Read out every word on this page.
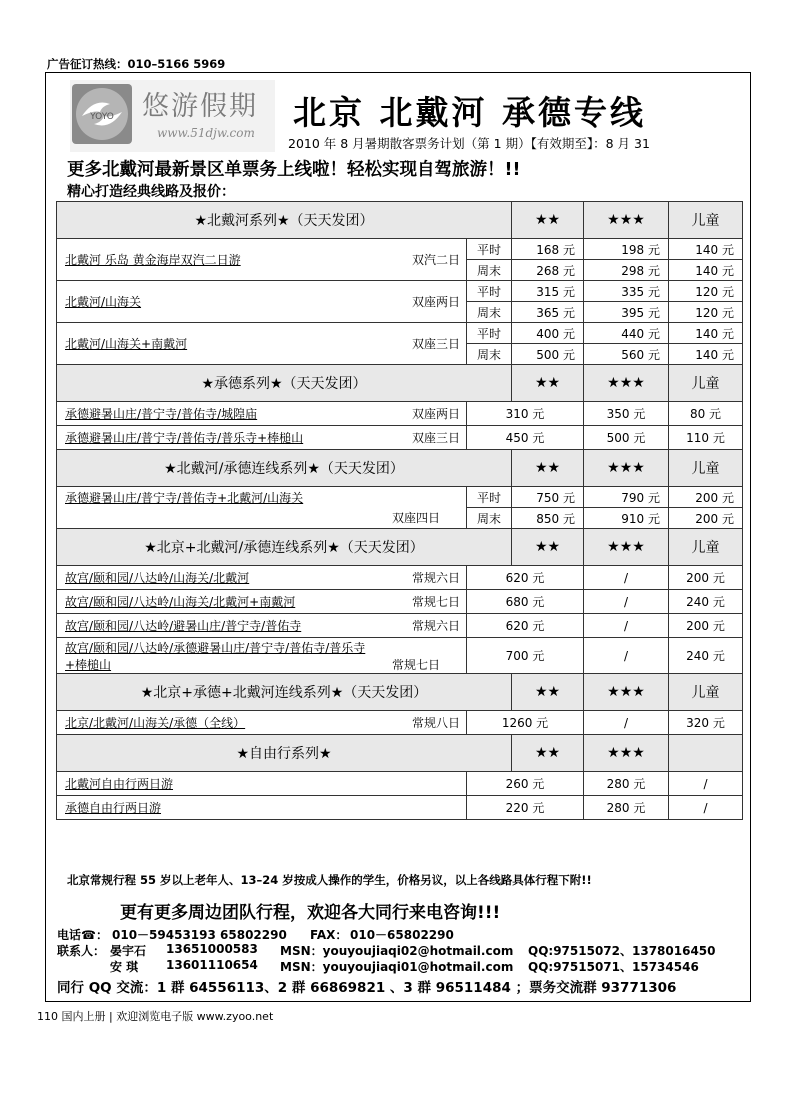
广告征订热线：010–5166 5969
YOYO 悠游假期
www.51djw.com
北京 北戴河 承德专线
2010 年 8 月暑期散客票务计划（第 1 期）【有效期至】：8 月 31
更多北戴河最新景区单票务上线啦！轻松实现自驾旅游！!!
精心打造经典线路及报价：
★北戴河系列★（天天发团）		★★	★★★	儿童

北戴河 乐岛 黄金海岸双汽二日游 双汽二日	平时	168 元	198 元	140 元
	周末	268 元	298 元	140 元

北戴河/山海关 双座两日	平时	315 元	335 元	120 元
	周末	365 元	395 元	120 元

北戴河/山海关+南戴河 双座三日	平时	400 元	440 元	140 元
	周末	500 元	560 元	140 元
★承德系列★（天天发团）		★★	★★★	儿童

承德避暑山庄/普宁寺/普佑寺/城隍庙 双座两日	310 元		350 元	80 元

承德避暑山庄/普宁寺/普佑寺/普乐寺+棒槌山 双座三日	450 元		500 元	110 元
★北戴河/承德连线系列★（天天发团）		★★	★★★	儿童

承德避暑山庄/普宁寺/普佑寺+北戴河/山海关
双座四日	平时	750 元	790 元	200 元
	周末	850 元	910 元	200 元
★北京+北戴河/承德连线系列★（天天发团）		★★	★★★	儿童

故宫/颐和园/八达岭/山海关/北戴河 常规六日	620 元		/	200 元

故宫/颐和园/八达岭/山海关/北戴河+南戴河 常规七日	680 元		/	240 元

故宫/颐和园/八达岭/避暑山庄/普宁寺/普佑寺 常规六日	620 元		/	200 元

故宫/颐和园/八达岭/承德避暑山庄/普宁寺/普佑寺/普乐寺
+棒槌山 常规七日	700 元		/	240 元
★北京+承德+北戴河连线系列★（天天发团）		★★	★★★	儿童

北京/北戴河/山海关/承德（全线） 常规八日	1260 元		/	320 元
★自由行系列★		★★	★★★	

北戴河自由行两日游	260 元		280 元	/

承德自由行两日游	220 元		280 元	/
北京常规行程 55 岁以上老年人、13–24 岁按成人操作的学生，价格另议，以上各线路具体行程下附!!
更有更多周边团队行程，欢迎各大同行来电咨询!!!
电话☎： 010－59453193 65802290 FAX： 010－65802290
联系人： 晏宇石 13651000583 MSN：youyoujiaqi02@hotmail.com QQ:97515072、1378016450
安 琪 13601110654 MSN：youyoujiaqi01@hotmail.com QQ:97515071、15734546
同行 QQ 交流：1 群 64556113、2 群 66869821 、3 群 96511484 ；票务交流群 93771306
110 国内上册 | 欢迎浏览电子版 www.zyoo.net
